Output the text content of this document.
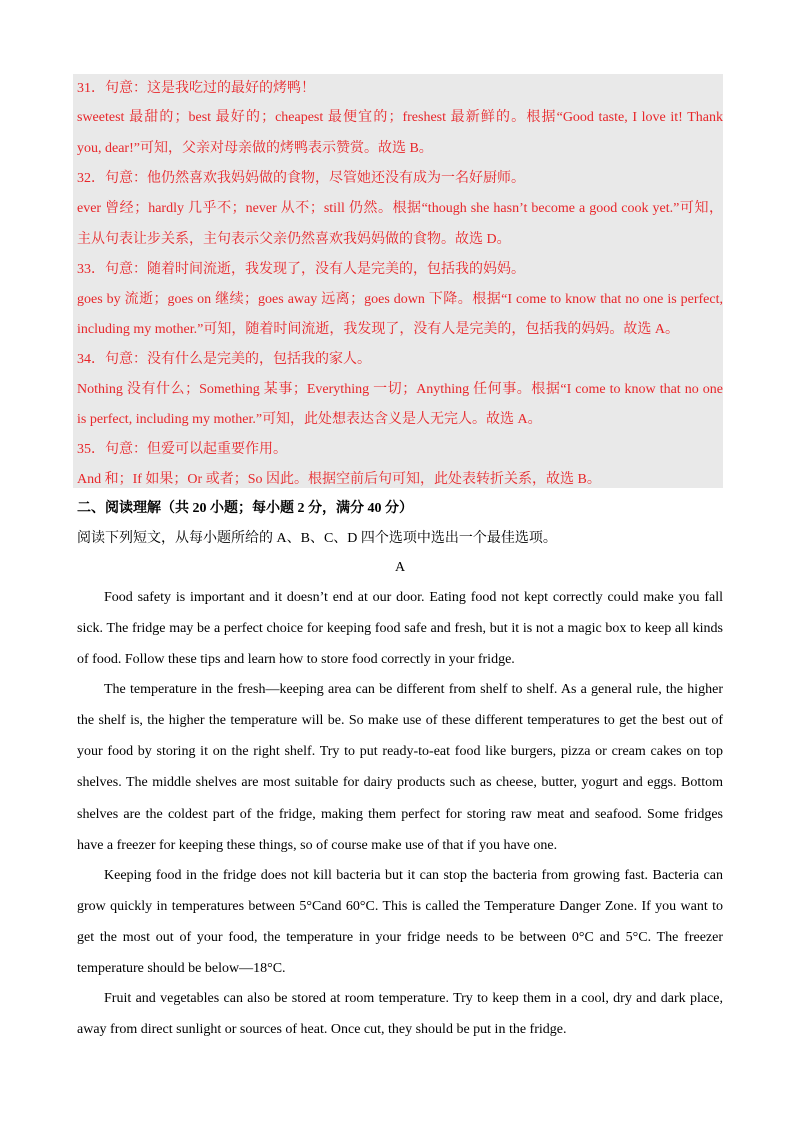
31．句意：这是我吃过的最好的烤鸭！
sweetest 最甜的；best 最好的；cheapest 最便宜的；freshest 最新鲜的。根据“Good taste, I love it! Thank
you, dear!”可知，父亲对母亲做的烤鸭表示赞赏。故选 B。
32．句意：他仍然喜欢我妈妈做的食物，尽管她还没有成为一名好厨师。
ever 曾经；hardly 几乎不；never 从不；still 仍然。根据“though she hasn’t become a good cook yet.”可知，
主从句表让步关系，主句表示父亲仍然喜欢我妈妈做的食物。故选 D。
33．句意：随着时间流逝，我发现了，没有人是完美的，包括我的妈妈。
goes by 流逝；goes on 继续；goes away 远离；goes down 下降。根据“I come to know that no one is perfect,
including my mother.”可知，随着时间流逝，我发现了，没有人是完美的，包括我的妈妈。故选 A。
34．句意：没有什么是完美的，包括我的家人。
Nothing 没有什么；Something 某事；Everything 一切；Anything 任何事。根据“I come to know that no one
is perfect, including my mother.”可知，此处想表达含义是人无完人。故选 A。
35．句意：但爱可以起重要作用。
And 和；If 如果；Or 或者；So 因此。根据空前后句可知，此处表转折关系，故选 B。
二、阅读理解（共 20 小题；每小题 2 分，满分 40 分）
阅读下列短文，从每小题所给的 A、B、C、D 四个选项中选出一个最佳选项。
A
Food safety is important and it doesn’t end at our door. Eating food not kept correctly could make you fall
sick. The fridge may be a perfect choice for keeping food safe and fresh, but it is not a magic box to keep all kinds
of food. Follow these tips and learn how to store food correctly in your fridge.
The temperature in the fresh—keeping area can be different from shelf to shelf. As a general rule, the higher
the shelf is, the higher the temperature will be. So make use of these different temperatures to get the best out of
your food by storing it on the right shelf. Try to put ready-to-eat food like burgers, pizza or cream cakes on top
shelves. The middle shelves are most suitable for dairy products such as cheese, butter, yogurt and eggs. Bottom
shelves are the coldest part of the fridge, making them perfect for storing raw meat and seafood. Some fridges
have a freezer for keeping these things, so of course make use of that if you have one.
Keeping food in the fridge does not kill bacteria but it can stop the bacteria from growing fast. Bacteria can
grow quickly in temperatures between 5°Cand 60°C. This is called the Temperature Danger Zone. If you want to
get the most out of your food, the temperature in your fridge needs to be between 0°C and 5°C. The freezer
temperature should be below—18°C.
Fruit and vegetables can also be stored at room temperature. Try to keep them in a cool, dry and dark place,
away from direct sunlight or sources of heat. Once cut, they should be put in the fridge.
